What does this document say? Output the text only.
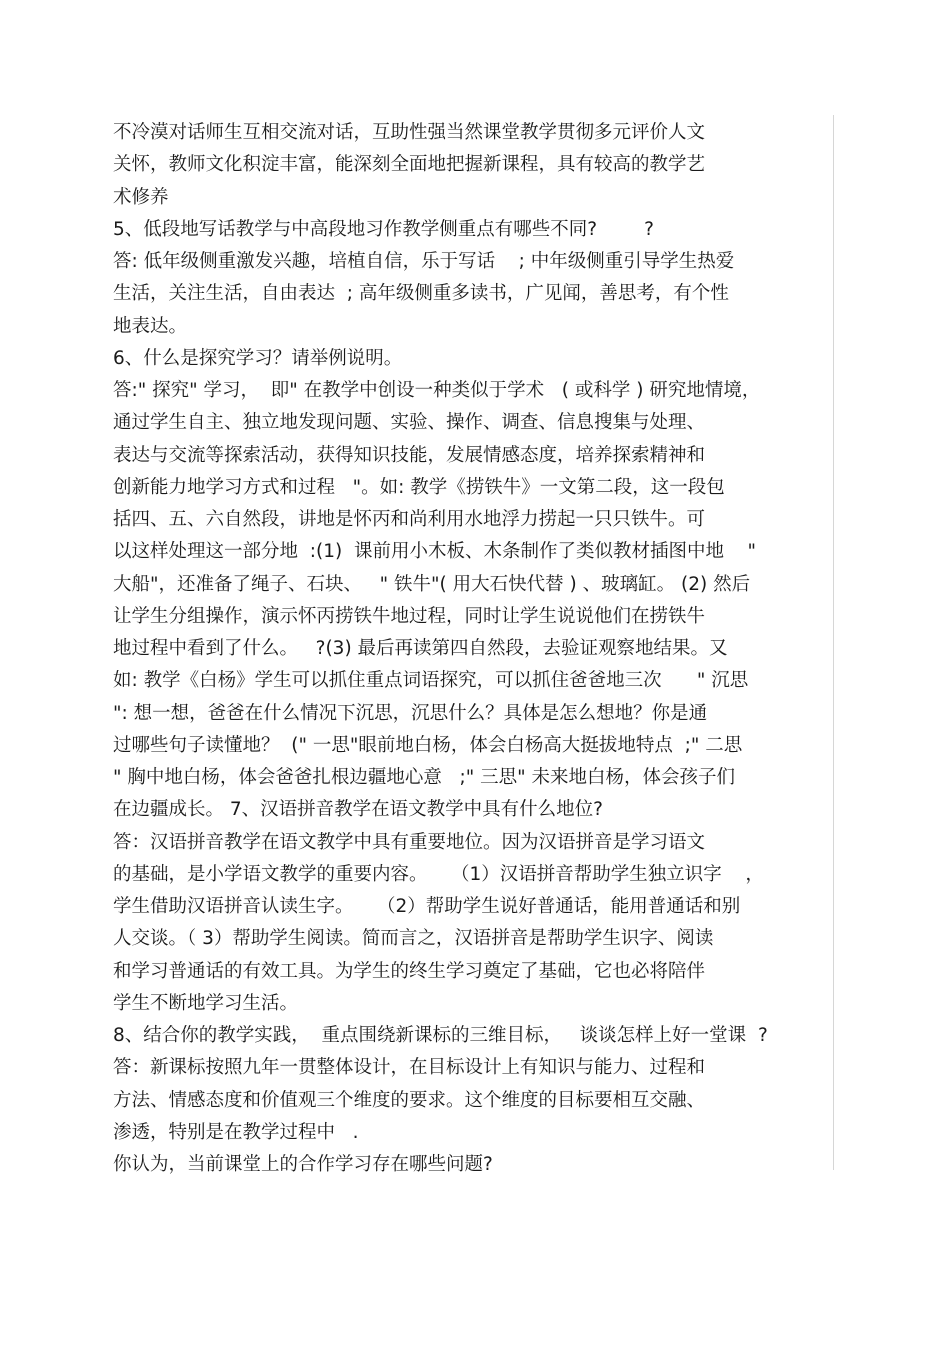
不冷漠对话师生互相交流对话，互助性强当然课堂教学贯彻多元评价人文
关怀，教师文化积淀丰富，能深刻全面地把握新课程，具有较高的教学艺
术修养
5、低段地写话教学与中高段地习作教学侧重点有哪些不同?        ?
答: 低年级侧重激发兴趣，培植自信，乐于写话    ; 中年级侧重引导学生热爱
生活，关注生活，自由表达  ; 高年级侧重多读书，广见闻，善思考，有个性
地表达。
6、什么是探究学习？请举例说明。
答:" 探究" 学习，  即" 在教学中创设一种类似于学术   ( 或科学 ) 研究地情境，
通过学生自主、独立地发现问题、实验、操作、调查、信息搜集与处理、
表达与交流等探索活动，获得知识技能，发展情感态度，培养探索精神和
创新能力地学习方式和过程   "。如: 教学《捞铁牛》一文第二段，这一段包
括四、五、六自然段，讲地是怀丙和尚利用水地浮力捞起一只只铁牛。可
以这样处理这一部分地  :(1)  课前用小木板、木条制作了类似教材插图中地    "
大船"，还准备了绳子、石块、   " 铁牛"( 用大石快代替 ) 、玻璃缸。 (2) 然后
让学生分组操作，演示怀丙捞铁牛地过程，同时让学生说说他们在捞铁牛
地过程中看到了什么。   ?(3) 最后再读第四自然段，去验证观察地结果。又
如: 教学《白杨》学生可以抓住重点词语探究，可以抓住爸爸地三次      " 沉思
": 想一想，爸爸在什么情况下沉思，沉思什么？具体是怎么想地？你是通
过哪些句子读懂地？  (" 一思"眼前地白杨，体会白杨高大挺拔地特点  ;" 二思
" 胸中地白杨，体会爸爸扎根边疆地心意   ;" 三思" 未来地白杨，体会孩子们
在边疆成长。 7、汉语拼音教学在语文教学中具有什么地位?
答：汉语拼音教学在语文教学中具有重要地位。因为汉语拼音是学习语文
的基础，是小学语文教学的重要内容。    （1）汉语拼音帮助学生独立识字    ，
学生借助汉语拼音认读生字。    （2）帮助学生说好普通话，能用普通话和别
人交谈。（ 3）帮助学生阅读。简而言之，汉语拼音是帮助学生识字、阅读
和学习普通话的有效工具。为学生的终生学习奠定了基础，它也必将陪伴
学生不断地学习生活。
8、结合你的教学实践，  重点围绕新课标的三维目标，   谈谈怎样上好一堂课  ?
答：新课标按照九年一贯整体设计，在目标设计上有知识与能力、过程和
方法、情感态度和价值观三个维度的要求。这个维度的目标要相互交融、
渗透，特别是在教学过程中   .
你认为，当前课堂上的合作学习存在哪些问题?
